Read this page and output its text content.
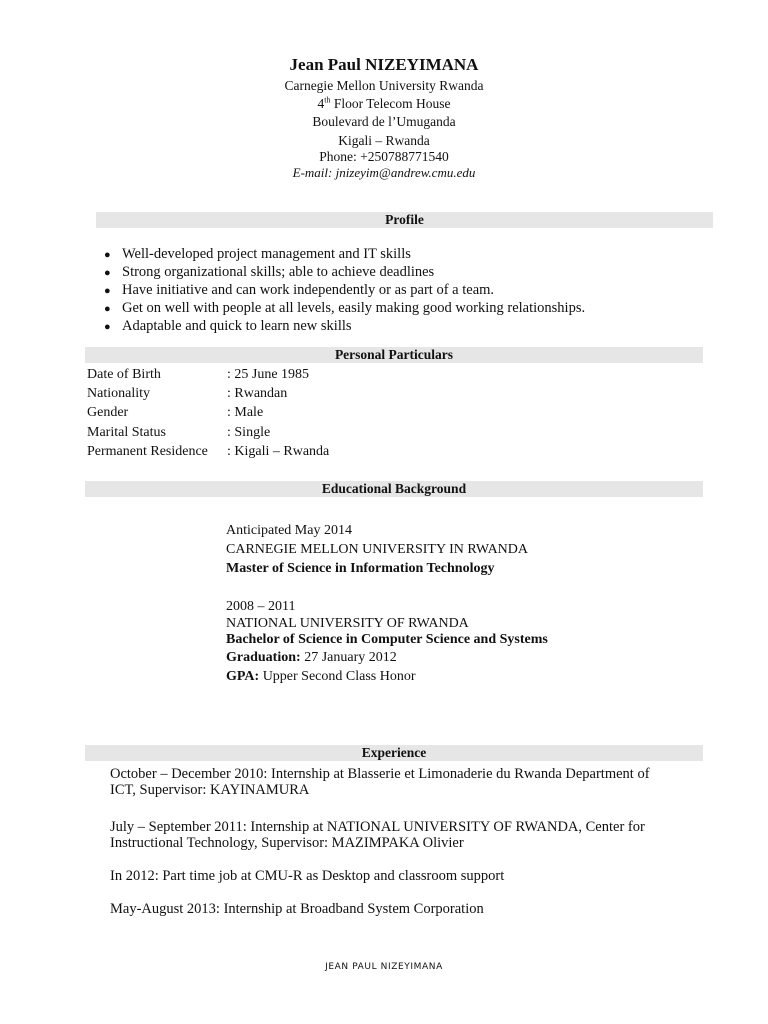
Jean Paul NIZEYIMANA
Carnegie Mellon University Rwanda
4th Floor Telecom House
Boulevard de l’Umuganda
Kigali – Rwanda
Phone: +250788771540
E-mail: jnizeyim@andrew.cmu.edu
Profile
● Well-developed project management and IT skills
● Strong organizational skills; able to achieve deadlines
● Have initiative and can work independently or as part of a team.
● Get on well with people at all levels, easily making good working relationships.
● Adaptable and quick to learn new skills
Personal Particulars
Date of Birth	: 25 June 1985
Nationality	: Rwandan
Gender	: Male
Marital Status	: Single
Permanent Residence	: Kigali – Rwanda
Educational Background
Anticipated May 2014
CARNEGIE MELLON UNIVERSITY IN RWANDA
Master of Science in Information Technology
2008 – 2011
NATIONAL UNIVERSITY OF RWANDA
Bachelor of Science in Computer Science and Systems
Graduation: 27 January 2012
GPA: Upper Second Class Honor
Experience
October – December 2010: Internship at Blasserie et Limonaderie du Rwanda Department of
ICT, Supervisor: KAYINAMURA
July – September 2011: Internship at NATIONAL UNIVERSITY OF RWANDA, Center for
Instructional Technology, Supervisor: MAZIMPAKA Olivier
In 2012: Part time job at CMU-R as Desktop and classroom support
May-August 2013: Internship at Broadband System Corporation
JEAN PAUL NIZEYIMANA
